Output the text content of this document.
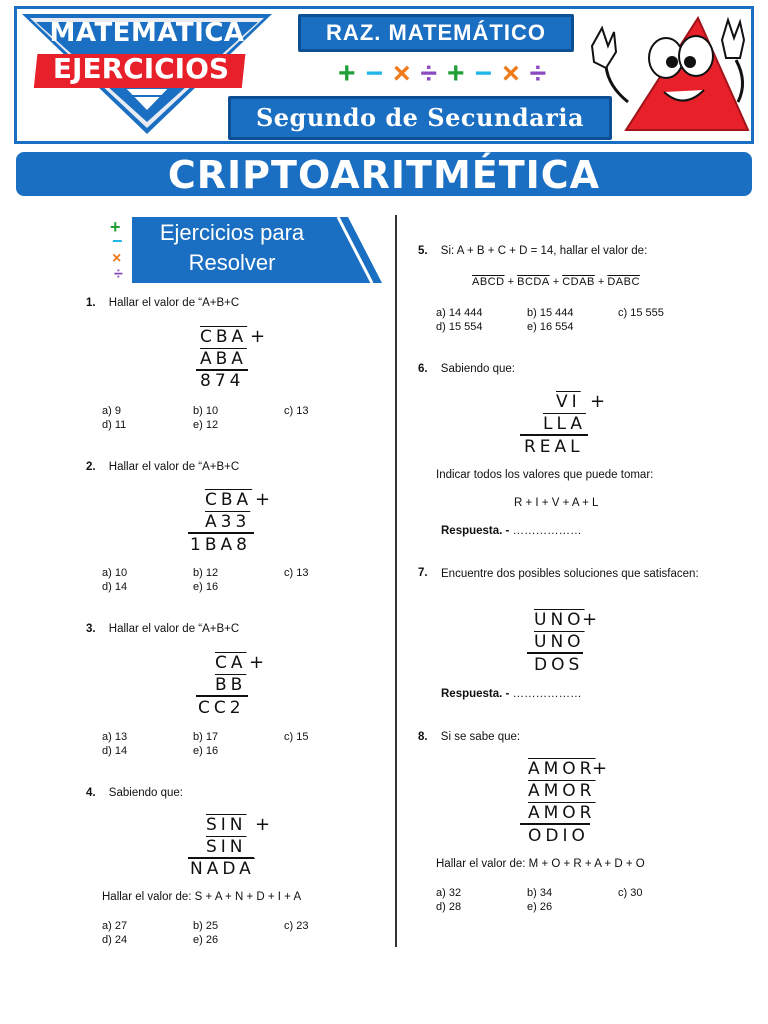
MATEMATICA
EJERCICIOS
RAZ. MATEMÁTICO
+ − × ÷ + − × ÷
Segundo de Secundaria
CRIPTOARITMÉTICA
+
−
×
÷
Ejercicios para
Resolver
1. Hallar el valor de “A+B+C
$\overline{CBA}$ +
$\overline{ABA}$
874
a) 9	b) 10	c) 13
d) 11	e) 12
2. Hallar el valor de “A+B+C
$\overline{CBA}$ +
A33
1BA8
a) 10	b) 12	c) 13
d) 14	e) 16
3. Hallar el valor de “A+B+C
$\overline{CA}$ +
$\overline{BB}$
CC2
a) 13	b) 17	c) 15
d) 14	e) 16
4. Sabiendo que:
$\overline{SIN}$ +
$\overline{SIN}$
NADA
Hallar el valor de: S + A + N + D + I + A
a) 27	b) 25	c) 23
d) 24	e) 26
5. Si: A + B + C + D = 14, hallar el valor de:
ABCD + BCDA + CDAB + DABC
a) 14 444	b) 15 444	c) 15 555
d) 15 554	e) 16 554
6. Sabiendo que:
$\overline{VI}$ +
$\overline{LLA}$
REAL
Indicar todos los valores que puede tomar:
R + I + V + A + L
Respuesta. - ………………
7. Encuentre dos posibles soluciones que satisfacen:
$\overline{UNO}$
+
$\overline{UNO}$
DOS
Respuesta. - ………………
8. Si se sabe que:
AMOR
+
AMOR
AMOR
ODIO
Hallar el valor de: M + O + R + A + D + O
a) 32	b) 34	c) 30
d) 28	e) 26
